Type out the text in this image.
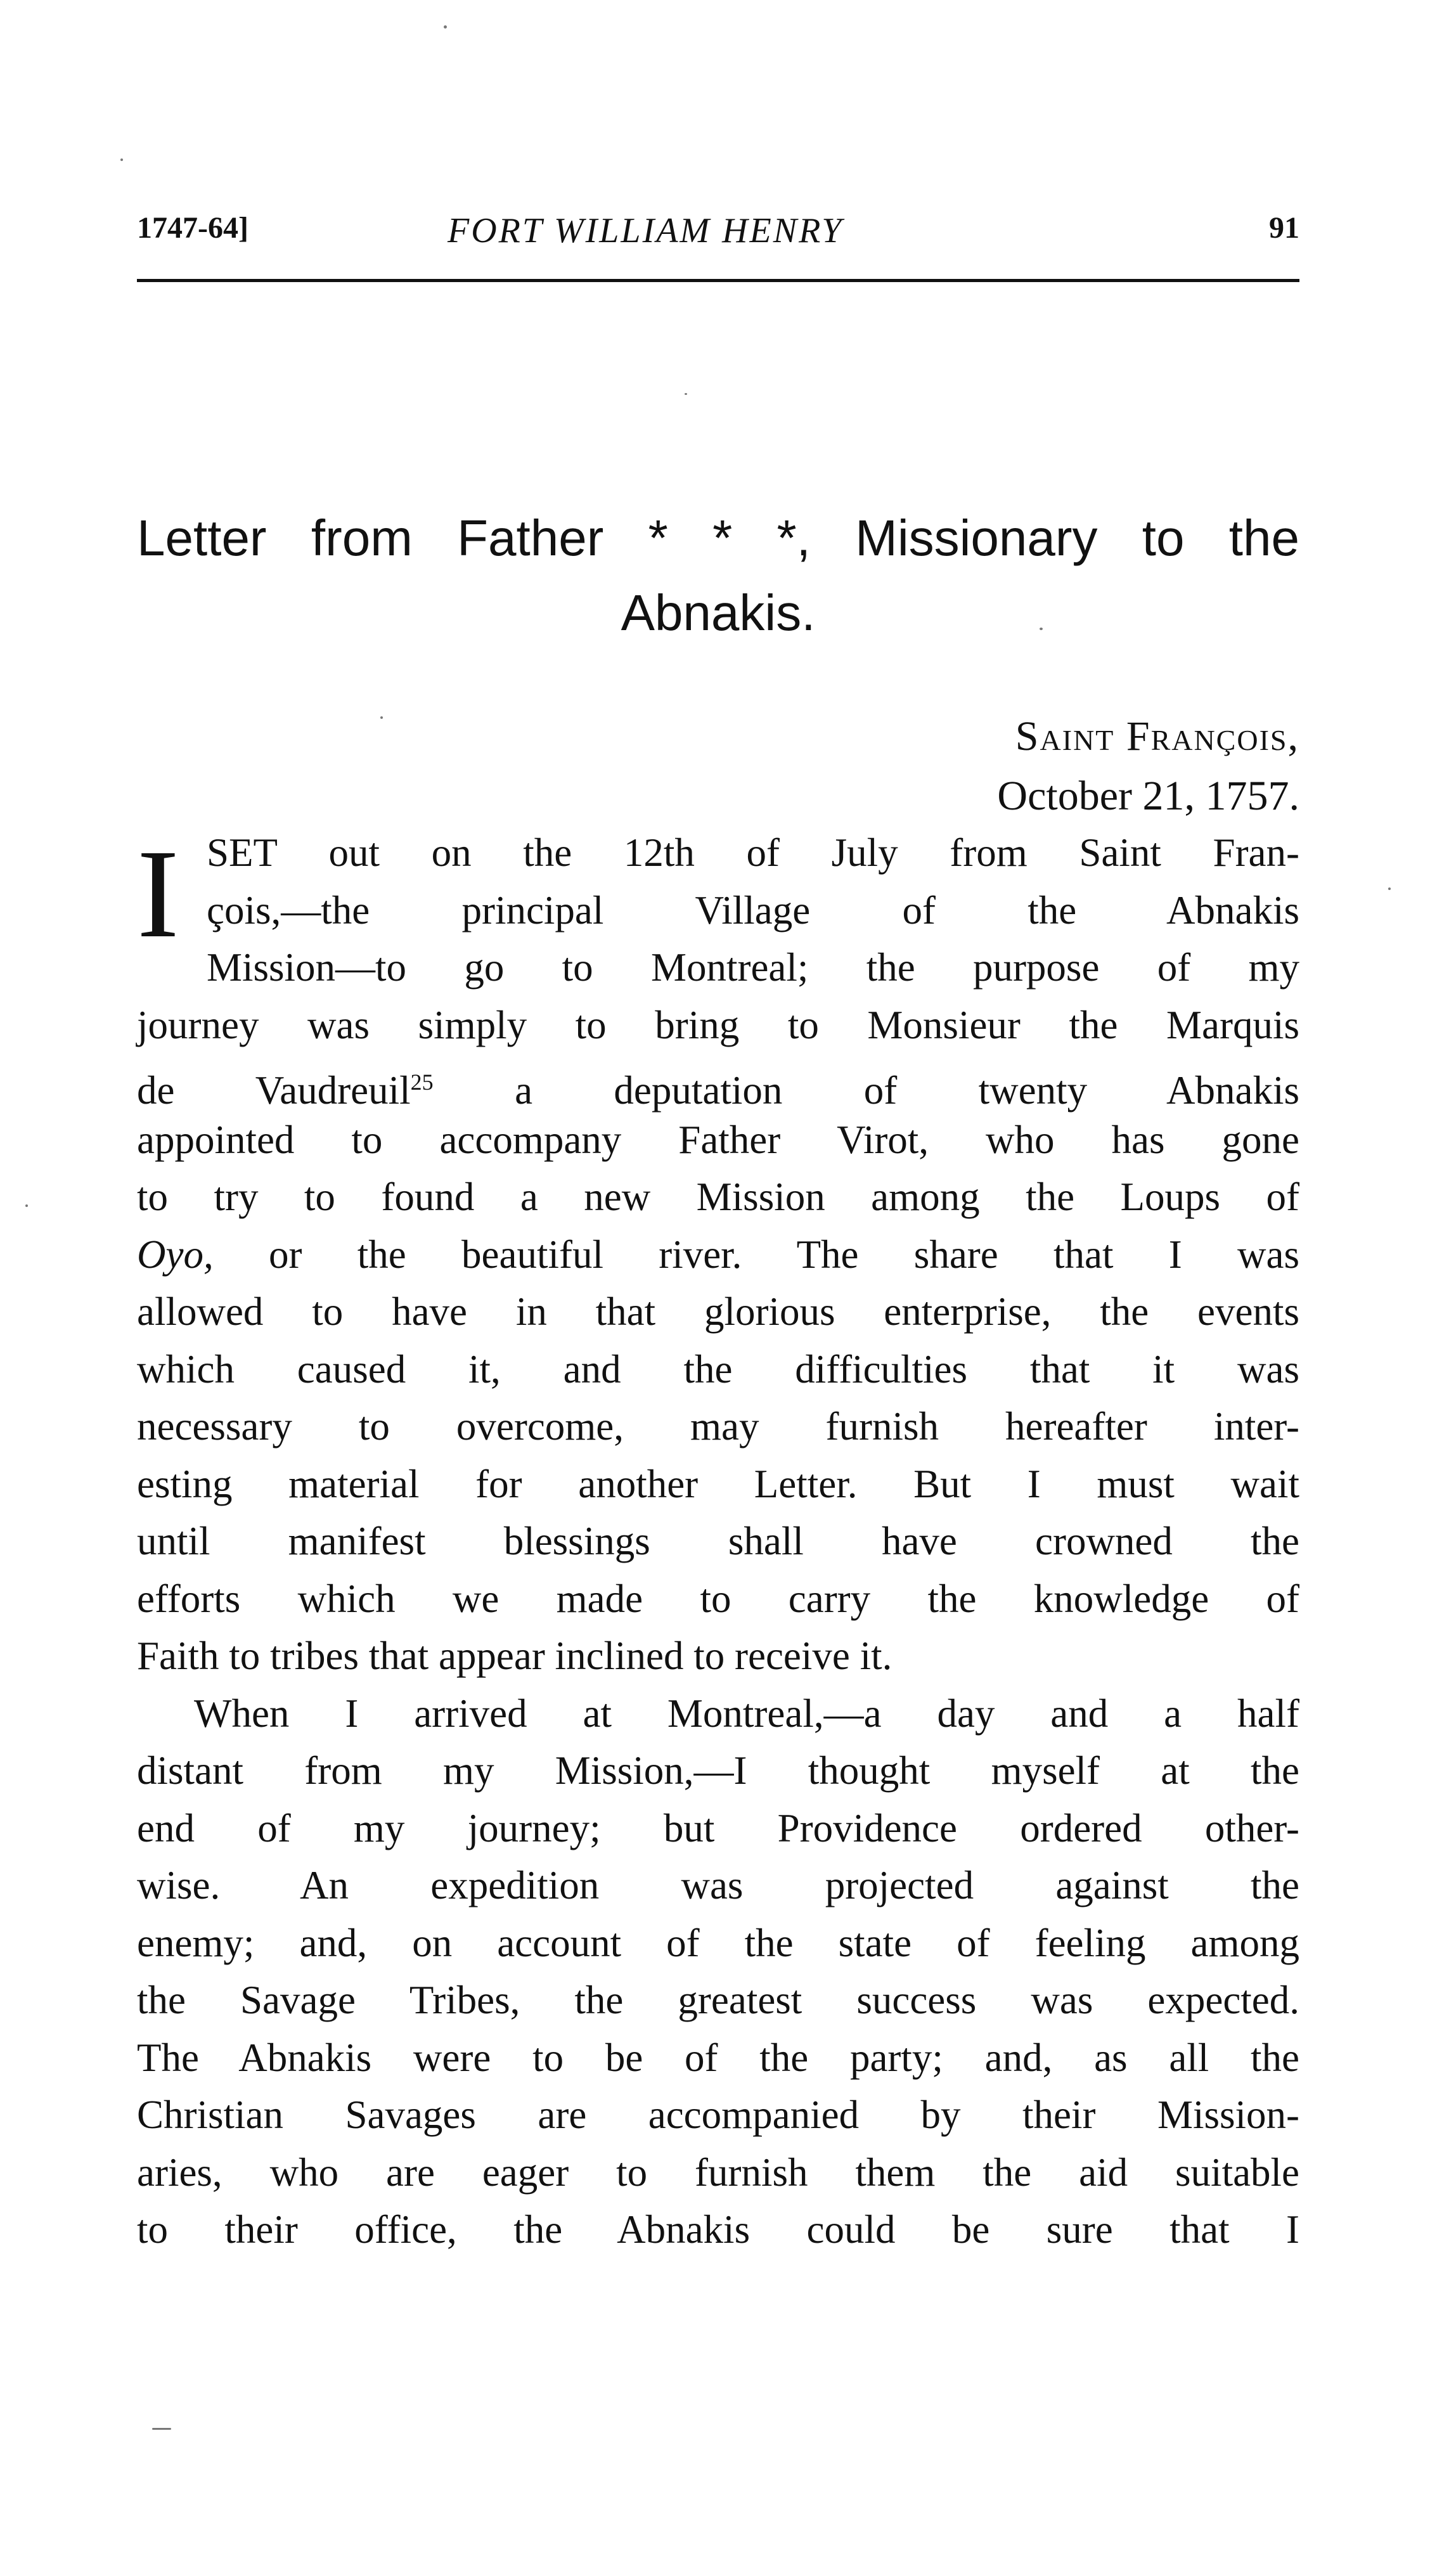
1747-64]	FORT WILLIAM HENRY	91
Letter from Father * * *, Missionary to the
Abnakis.
Saint François,
October 21, 1757.
I SET out on the 12th of July from Saint Fran-
çois,—the principal Village of the Abnakis
Mission—to go to Montreal; the purpose of my
journey was simply to bring to Monsieur the Marquis
de Vaudreuil$^{25}$ a deputation of twenty Abnakis
appointed to accompany Father Virot, who has gone
to try to found a new Mission among the Loups of
Oyo, or the beautiful river. The share that I was
allowed to have in that glorious enterprise, the events
which caused it, and the difficulties that it was
necessary to overcome, may furnish hereafter inter-
esting material for another Letter. But I must wait
until manifest blessings shall have crowned the
efforts which we made to carry the knowledge of
Faith to tribes that appear inclined to receive it.
When I arrived at Montreal,—a day and a half
distant from my Mission,—I thought myself at the
end of my journey; but Providence ordered other-
wise. An expedition was projected against the
enemy; and, on account of the state of feeling among
the Savage Tribes, the greatest success was expected.
The Abnakis were to be of the party; and, as all the
Christian Savages are accompanied by their Mission-
aries, who are eager to furnish them the aid suitable
to their office, the Abnakis could be sure that I
